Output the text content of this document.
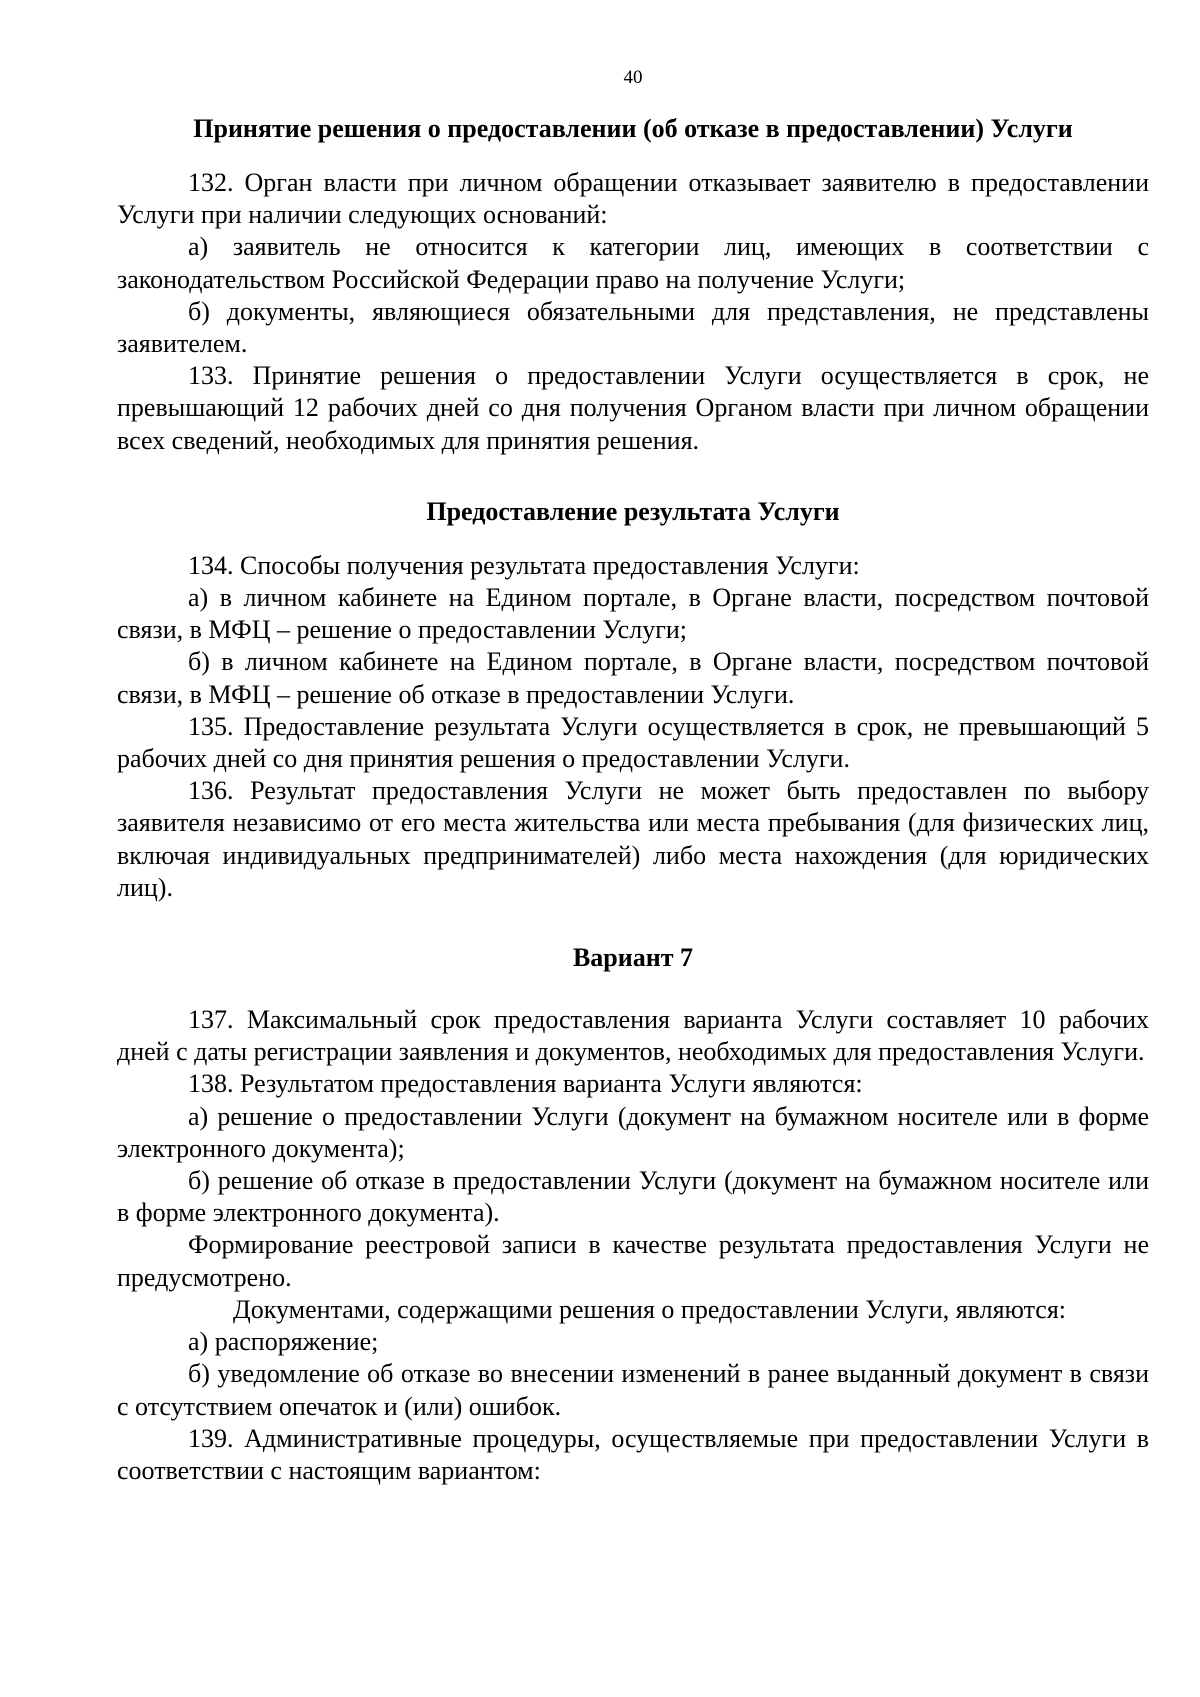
40
Принятие решения о предоставлении (об отказе в предоставлении) Услуги

132. Орган власти при личном обращении отказывает заявителю в предоставлении Услуги при наличии следующих оснований:

а) заявитель не относится к категории лиц, имеющих в соответствии с законодательством Российской Федерации право на получение Услуги;

б) документы, являющиеся обязательными для представления, не представлены заявителем.

133. Принятие решения о предоставлении Услуги осуществляется в срок, не превышающий 12 рабочих дней со дня получения Органом власти при личном обращении всех сведений, необходимых для принятия решения.

Предоставление результата Услуги

134. Способы получения результата предоставления Услуги:

а) в личном кабинете на Едином портале, в Органе власти, посредством почтовой связи, в МФЦ – решение о предоставлении Услуги;

б) в личном кабинете на Едином портале, в Органе власти, посредством почтовой связи, в МФЦ – решение об отказе в предоставлении Услуги.

135. Предоставление результата Услуги осуществляется в срок, не превышающий 5 рабочих дней со дня принятия решения о предоставлении Услуги.

136. Результат предоставления Услуги не может быть предоставлен по выбору заявителя независимо от его места жительства или места пребывания (для физических лиц, включая индивидуальных предпринимателей) либо места нахождения (для юридических лиц).

Вариант 7

137. Максимальный срок предоставления варианта Услуги составляет 10 рабочих дней с даты регистрации заявления и документов, необходимых для предоставления Услуги.

138. Результатом предоставления варианта Услуги являются:

а) решение о предоставлении Услуги (документ на бумажном носителе или в форме электронного документа);

б) решение об отказе в предоставлении Услуги (документ на бумажном носителе или в форме электронного документа).

Формирование реестровой записи в качестве результата предоставления Услуги не предусмотрено.

Документами, содержащими решения о предоставлении Услуги, являются:

а) распоряжение;

б) уведомление об отказе во внесении изменений в ранее выданный документ в связи с отсутствием опечаток и (или) ошибок.

139. Административные процедуры, осуществляемые при предоставлении Услуги в соответствии с настоящим вариантом:
